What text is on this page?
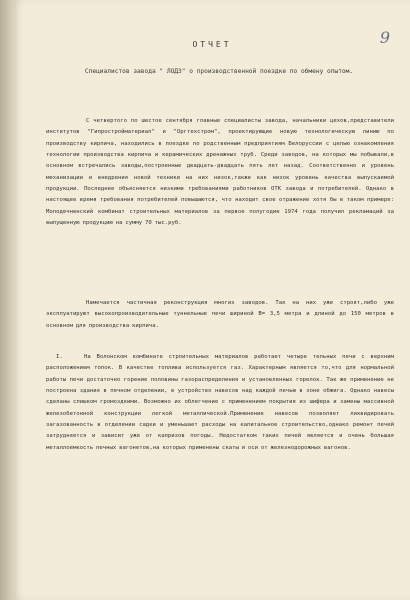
9
ОТЧЕТ
Специалистов завода " ЛОДЗ" о производственной поездке по обмену опытом.
С четвертого по шестое сентября главные специалисты завода, начальники цехов,представители институтов "Гипростройматериал" и "Оргтехстром", проектирующие новую технологическую линию по производству кирпича, находились в поездке по родственным предприятиям Белоруссии с целью ознакомления технологии производства кирпича и керамических дренажных труб. Среди заводов, на которых мы побывали,в основном встречались заводы,построенные двадцать-двадцать пять лет назад. Соответственно и уровень механизации и внедрения новой техники на них низок,также как низок уровень качества выпускаемой продукции. Последнее объясняется низкими требованиями работников ОТК завода и потребителей. Однако в настоящее время требования потребителей повышаются, что находит свое отражение хотя бы в таком примере: Молодечненский комбинат строительных материалов за первое полугодие 1974 года получил рекламаций за выпущенную продукцию на сумму 70 тыс.руб.
Намечается частичная реконструкция многих заводов. Так на них уже строят,либо уже эксплуатируют высокопроизводительные туннельные печи шириной В= 3,5 метра и длиной до 150 метров в основном для производства кирпича.
I.	На Волонском комбинате строительных материалов работает четыре тельных печи с верхним расположением топок. В качестве топлива используется газ. Характерным является то,что для нормальной работы печи достаточно горение половины газораспределения и установленных горелок. Так же применение не построена здания в печном отделении, в устройство навесов над каждой печью в зоне обжига. Однако навесы сделаны слишком громоздкими. Возможно их облегчение с применением покрытия из шифера и замены массивной железобетонной конструкции легкой металлической.Применение навесов позволяет ликвидировать загазованность в отделении садки и уменьшает расходы на капитальное строительство,однако ремонт печей затрудняется и зависит уже от капризов погоды. Недостатком таких печей является и очень большая металлоемкость печных вагонетов,на которых применены скаты и оси от железнодорожных вагонов.
